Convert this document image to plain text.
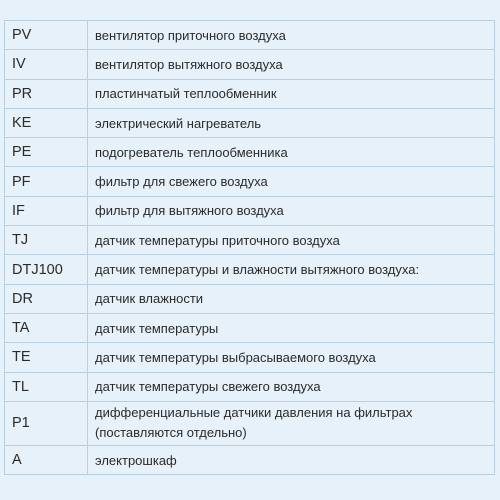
PV	вентилятор приточного воздуха
IV	вентилятор вытяжного воздуха
PR	пластинчатый теплообменник
KE	электрический нагреватель
PE	подогреватель теплообменника
PF	фильтр для свежего воздуха
IF	фильтр для вытяжного воздуха
TJ	датчик температуры приточного воздуха
DTJ100	датчик температуры и влажности вытяжного воздуха:
DR	датчик влажности
TA	датчик температуры
TE	датчик температуры выбрасываемого воздуха
TL	датчик температуры свежего воздуха
P1	дифференциальные датчики давления на фильтрах (поставляются отдельно)
A	электрошкаф
